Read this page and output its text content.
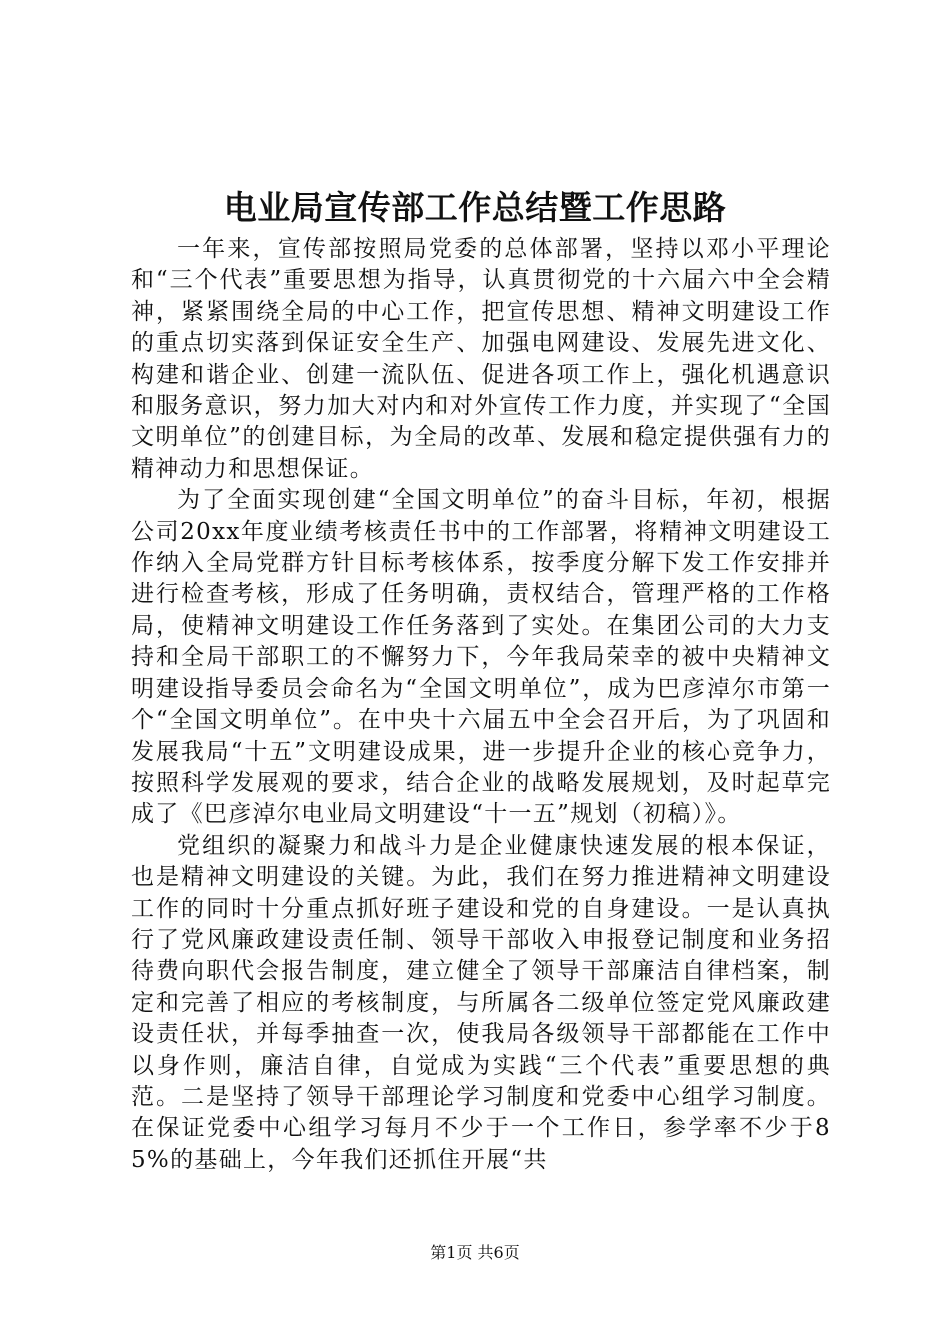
电业局宣传部工作总结暨工作思路

一年来，宣传部按照局党委的总体部署，坚持以邓小平理论和“三个代表”重要思想为指导，认真贯彻党的十六届六中全会精神，紧紧围绕全局的中心工作，把宣传思想、精神文明建设工作的重点切实落到保证安全生产、加强电网建设、发展先进文化、构建和谐企业、创建一流队伍、促进各项工作上，强化机遇意识和服务意识，努力加大对内和对外宣传工作力度，并实现了“全国文明单位”的创建目标，为全局的改革、发展和稳定提供强有力的精神动力和思想保证。

为了全面实现创建“全国文明单位”的奋斗目标，年初，根据公司20xx年度业绩考核责任书中的工作部署，将精神文明建设工作纳入全局党群方针目标考核体系，按季度分解下发工作安排并进行检查考核，形成了任务明确，责权结合，管理严格的工作格局，使精神文明建设工作任务落到了实处。在集团公司的大力支持和全局干部职工的不懈努力下，今年我局荣幸的被中央精神文明建设指导委员会命名为“全国文明单位”，成为巴彦淖尔市第一个“全国文明单位”。在中央十六届五中全会召开后，为了巩固和发展我局“十五”文明建设成果，进一步提升企业的核心竞争力，按照科学发展观的要求，结合企业的战略发展规划，及时起草完成了《巴彦淖尔电业局文明建设“十一五”规划（初稿）》。

党组织的凝聚力和战斗力是企业健康快速发展的根本保证，也是精神文明建设的关键。为此，我们在努力推进精神文明建设工作的同时十分重点抓好班子建设和党的自身建设。一是认真执行了党风廉政建设责任制、领导干部收入申报登记制度和业务招待费向职代会报告制度，建立健全了领导干部廉洁自律档案，制定和完善了相应的考核制度，与所属各二级单位签定党风廉政建设责任状，并每季抽查一次，使我局各级领导干部都能在工作中以身作则，廉洁自律，自觉成为实践“三个代表”重要思想的典范。二是坚持了领导干部理论学习制度和党委中心组学习制度。在保证党委中心组学习每月不少于一个工作日，参学率不少于85%的基础上，今年我们还抓住开展“共

第1页 共6页
